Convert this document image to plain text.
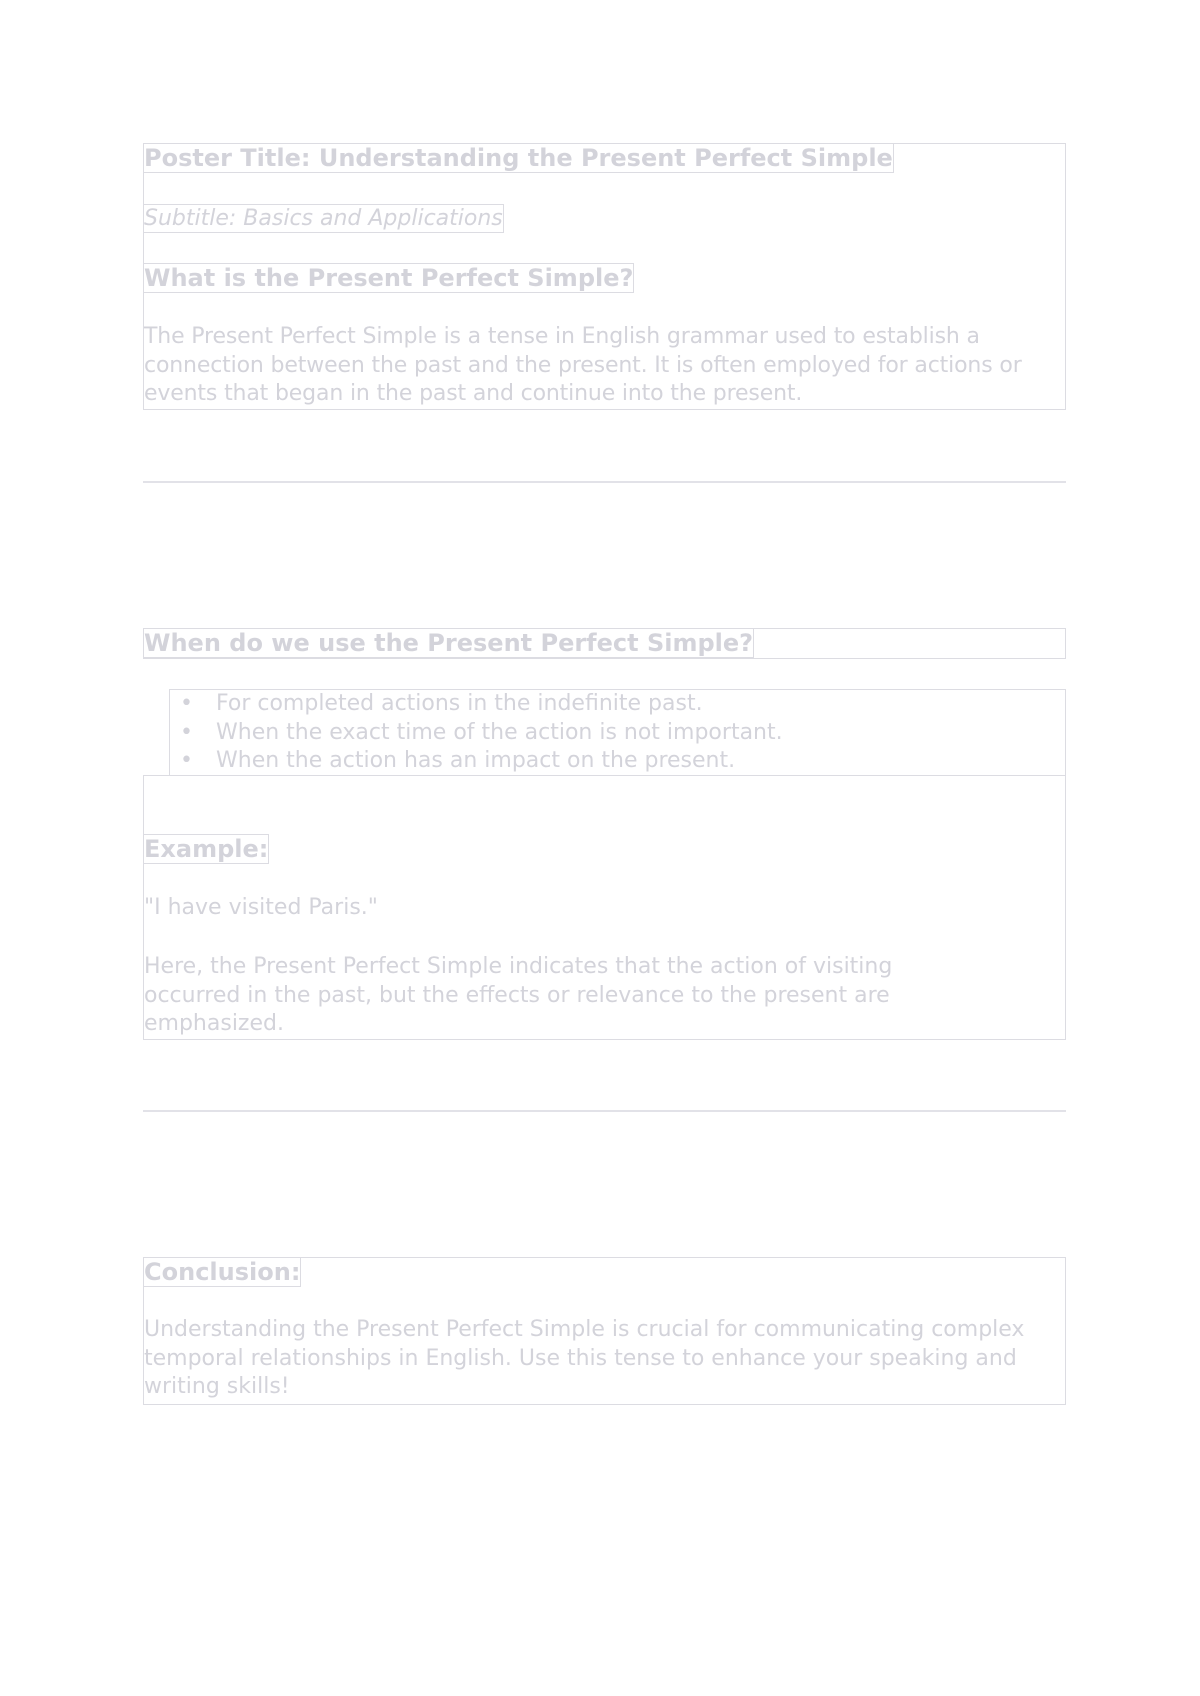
Poster Title: Understanding the Present Perfect Simple
Subtitle: Basics and Applications
What is the Present Perfect Simple?
The Present Perfect Simple is a tense in English grammar used to establish a connection between the past and the present. It is often employed for actions or events that began in the past and continue into the present.
When do we use the Present Perfect Simple?
• For completed actions in the indefinite past.
• When the exact time of the action is not important.
• When the action has an impact on the present.
Example:
"I have visited Paris."
Here, the Present Perfect Simple indicates that the action of visiting occurred in the past, but the effects or relevance to the present are emphasized.
Conclusion:
Understanding the Present Perfect Simple is crucial for communicating complex temporal relationships in English. Use this tense to enhance your speaking and writing skills!
